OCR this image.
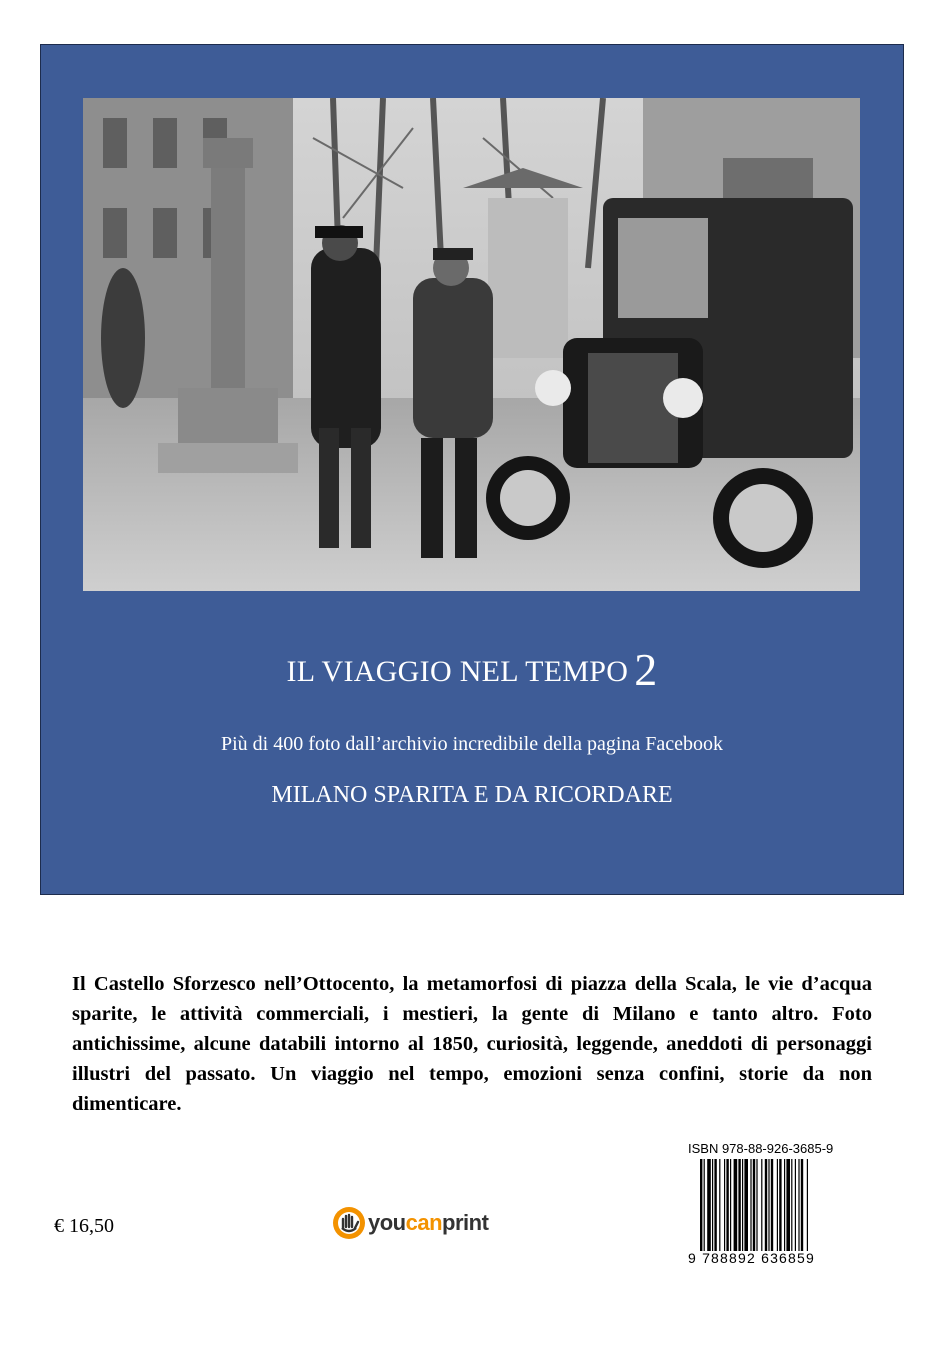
IL VIAGGIO NEL TEMPO 2
Più di 400 foto dall’archivio incredibile della pagina Facebook
MILANO SPARITA E DA RICORDARE
Il Castello Sforzesco nell’Ottocento, la metamorfosi di piazza della Scala, le vie d’acqua sparite, le attività commerciali, i mestieri, la gente di Milano e tanto altro. Foto antichissime, alcune databili intorno al 1850, curiosità, leggende, aneddoti di personaggi illustri del passato. Un viaggio nel tempo, emozioni senza confini, storie da non dimenticare.
€ 16,50	youcanprint
ISBN 978-88-926-3685-9
9 788892 636859
